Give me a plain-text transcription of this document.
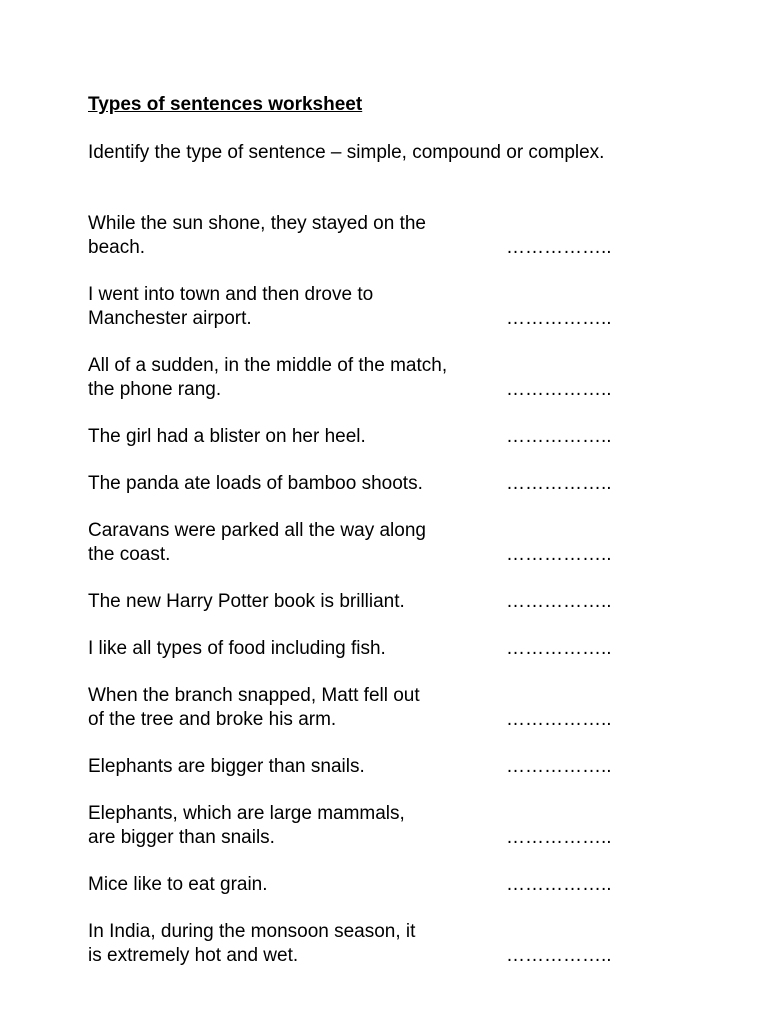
Types of sentences worksheet
Identify the type of sentence – simple, compound or complex.
While the sun shone, they stayed on the
beach.	……………..
I went into town and then drove to
Manchester airport.	……………..
All of a sudden, in the middle of the match,
the phone rang.	……………..
The girl had a blister on her heel.	……………..
The panda ate loads of bamboo shoots.	……………..
Caravans were parked all the way along
the coast.	……………..
The new Harry Potter book is brilliant.	……………..
I like all types of food including fish.	……………..
When the branch snapped, Matt fell out
of the tree and broke his arm.	……………..
Elephants are bigger than snails.	……………..
Elephants, which are large mammals,
are bigger than snails.	……………..
Mice like to eat grain.	……………..
In India, during the monsoon season, it
is extremely hot and wet.	……………..
